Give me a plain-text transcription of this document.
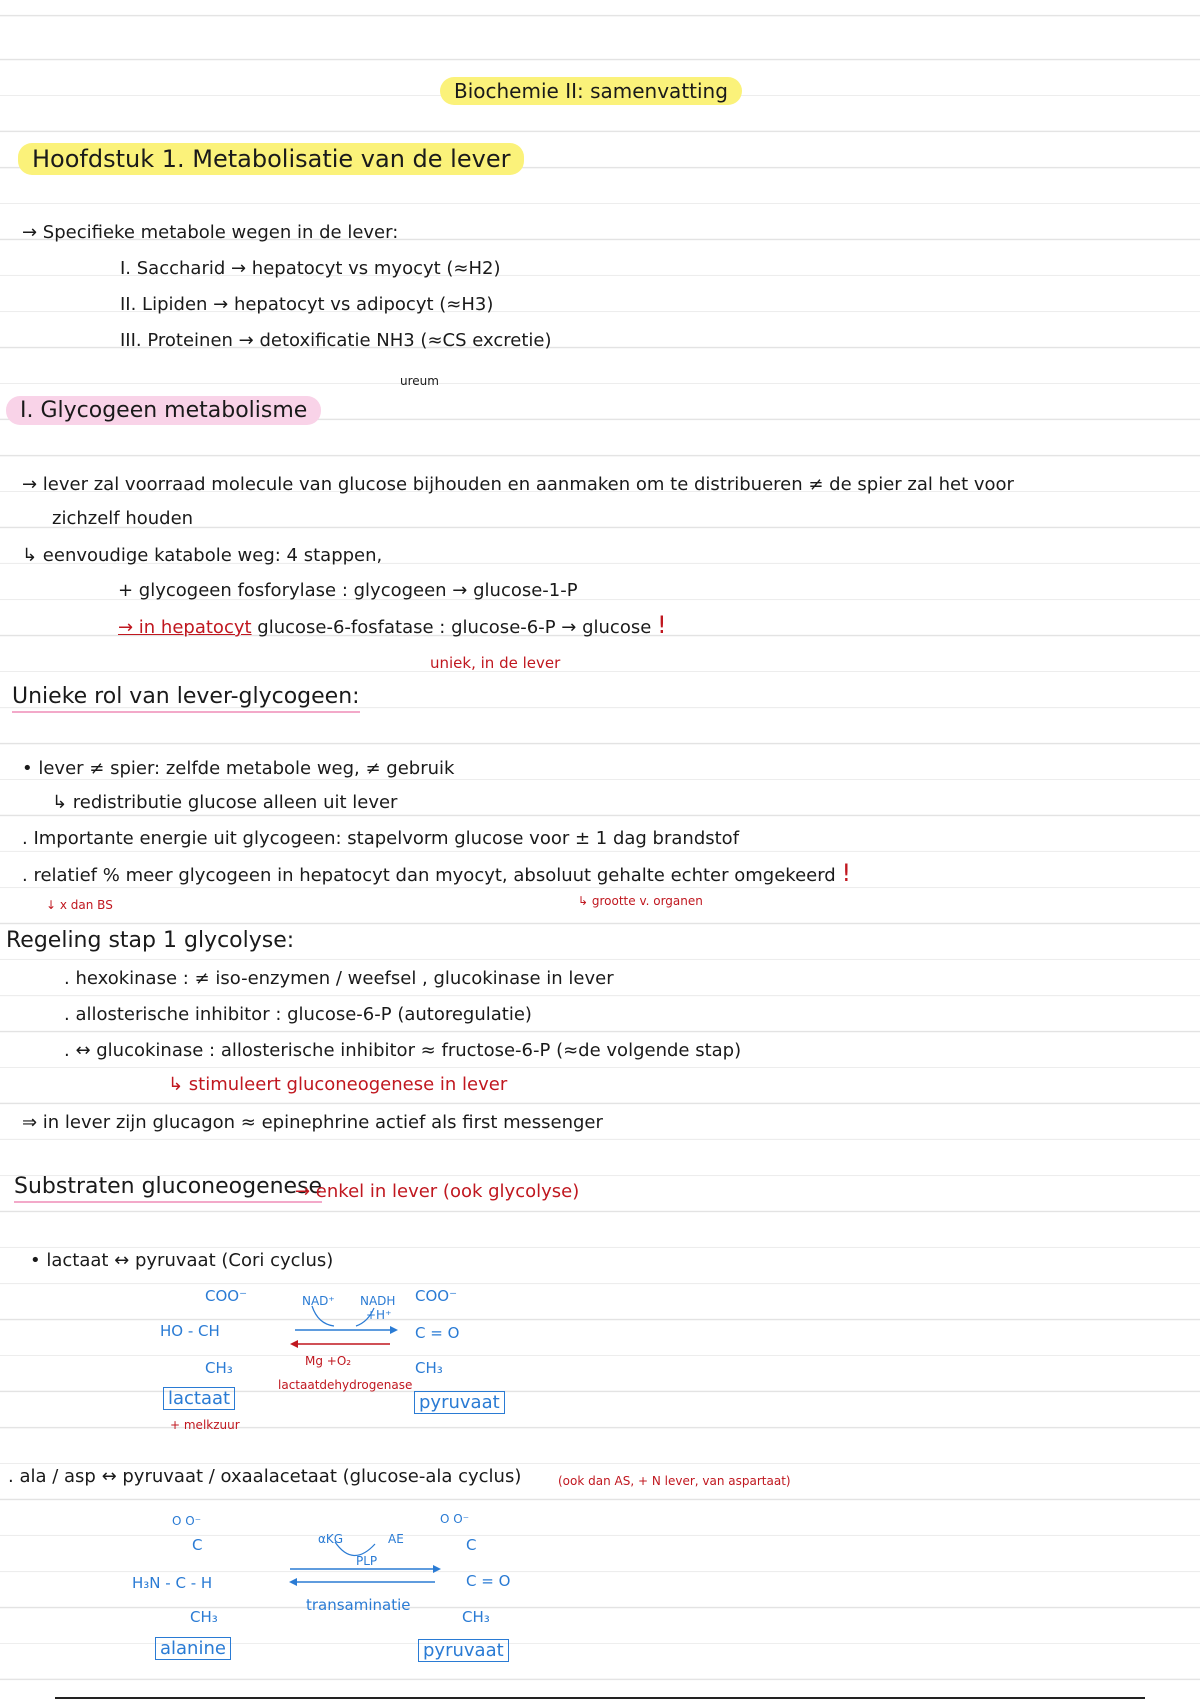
Biochemie II: samenvatting
Hoofdstuk 1. Metabolisatie van de lever
→ Specifieke metabole wegen in de lever:
I. Saccharid → hepatocyt vs myocyt (≈H2)
II. Lipiden → hepatocyt vs adipocyt (≈H3)
III. Proteinen → detoxificatie NH3 (≈CS excretie)
ureum
I. Glycogeen metabolisme
→ lever zal voorraad molecule van glucose bijhouden en aanmaken om te distribueren ≠ de spier zal het voor
zichzelf houden
↳ eenvoudige katabole weg: 4 stappen,
+ glycogeen fosforylase : glycogeen → glucose-1-P
→ in hepatocyt glucose-6-fosfatase : glucose-6-P → glucose !
uniek, in de lever
Unieke rol van lever-glycogeen:
• lever ≠ spier: zelfde metabole weg, ≠ gebruik
↳ redistributie glucose alleen uit lever
. Importante energie uit glycogeen: stapelvorm glucose voor ± 1 dag brandstof
. relatief % meer glycogeen in hepatocyt dan myocyt, absoluut gehalte echter omgekeerd !
↓ x dan BS	↳ grootte v. organen
Regeling stap 1 glycolyse:
. hexokinase : ≠ iso-enzymen / weefsel , glucokinase in lever
. allosterische inhibitor : glucose-6-P (autoregulatie)
. ↔ glucokinase : allosterische inhibitor ≈ fructose-6-P (≈de volgende stap)
↳ stimuleert gluconeogenese in lever
⇒ in lever zijn glucagon ≈ epinephrine actief als first messenger
Substraten gluconeogenese
→ enkel in lever (ook glycolyse)
• lactaat ↔ pyruvaat (Cori cyclus)
COO⁻
HO - CH
CH₃
lactaat
+ melkzuur
NAD⁺ NADH
+H⁺
Mg +O₂
lactaatdehydrogenase
COO⁻
C = O
CH₃
pyruvaat
. ala / asp ↔ pyruvaat / oxaalacetaat (glucose-ala cyclus)	(ook dan AS, + N lever, van aspartaat)
O O⁻
C
H₃N - C - H
CH₃
alanine
αKG	AE
PLP
transaminatie
O O⁻
C
C = O
CH₃
pyruvaat
